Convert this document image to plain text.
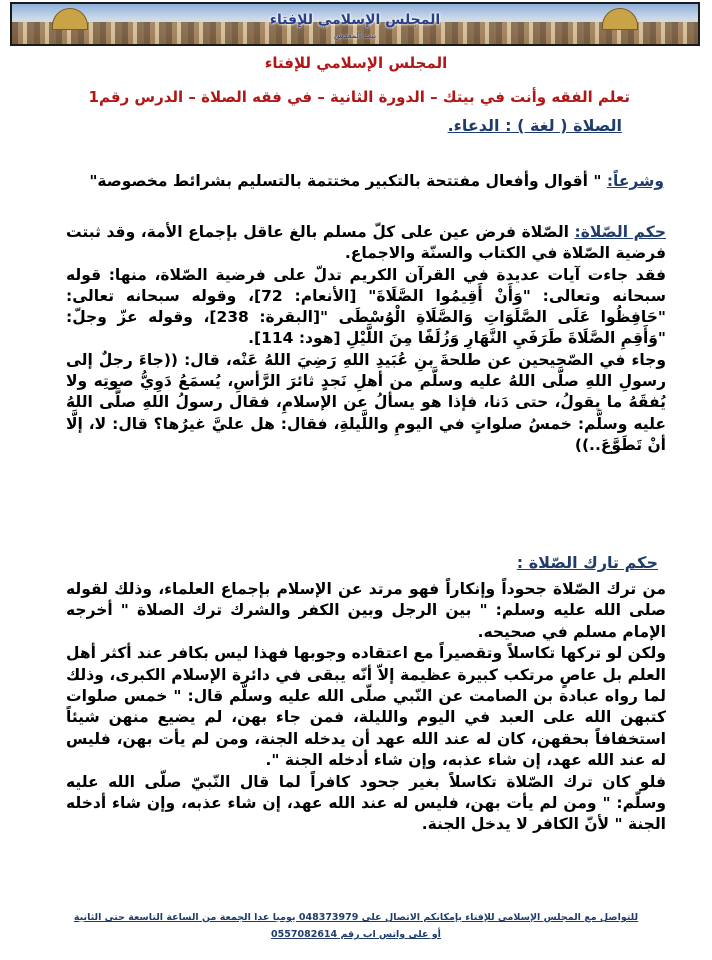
المجلس الإسلامي للإفتاء
بيت المقدس
المجلس الإسلامي للإفتاء
تعلم الفقه وأنت في بيتك – الدورة الثانية – في فقه الصلاة – الدرس رقم1
الصلاة ( لغة ) : الدعاء.
وشرعاً: " أقوال وأفعال مفتتحة بالتكبير مختتمة بالتسليم بشرائط مخصوصة"

حكم الصّلاة: الصّلاة فرض عين على كلّ مسلم بالغ عاقل بإجماع الأمة، وقد ثبتت فرضية الصّلاة في الكتاب والسنّة والاجماع.

فقد جاءت آيات عديدة في القرآن الكريم تدلّ على فرضية الصّلاة، منها: قوله سبحانه وتعالى: "وَأَنْ أَقِيمُوا الصَّلَاةَ" [الأنعام: 72]، وقوله سبحانه تعالى: "حَافِظُوا عَلَى الصَّلَوَاتِ وَالصَّلَاةِ الْوُسْطَى "[البقرة: 238]، وقوله عزّ وجلّ: "وَأَقِمِ الصَّلَاةَ طَرَفَيِ النَّهَارِ وَزُلَفًا مِنَ اللَّيْلِ [هود: 114].

وجاء في الصّحيحين عن طلحةَ بنِ عُبَيدِ اللهِ رَضِيَ اللهُ عَنْه، قال: ((جاءَ رجلٌ إلى رسولِ اللهِ صلَّى اللهُ عليه وسلَّم من أهلِ نَجدٍ ثائرَ الرَّأسِ، يُسمَعُ دَوِيُّ صوتِه ولا يُفقَهُ ما يقولُ، حتى دَنا، فإذا هو يسألُ عن الإسلامِ، فقال رسولُ اللهِ صلَّى اللهُ عليه وسلَّم: خمسُ صلواتٍ في اليومِ واللَّيلةِ، فقال: هل عليَّ غيرُها؟ قال: لا، إلَّا أنْ تَطَوَّعَ..))

حكم تارك الصّلاة :

من ترك الصّلاة جحوداً وإنكاراً فهو مرتد عن الإسلام بإجماع العلماء، وذلك لقوله صلى الله عليه وسلم: " بين الرجل وبين الكفر والشرك ترك الصلاة " أخرجه الإمام مسلم في صحيحه.

ولكن لو تركها تكاسلاً وتقصيراً مع اعتقاده وجوبها فهذا ليس بكافر عند أكثر أهل العلم بل عاصٍ مرتكب كبيرة عظيمة إلاّ أنّه يبقى في دائرة الإسلام الكبرى، وذلك لما رواه عبادة بن الصامت عن النّبي صلّى الله عليه وسلّم قال: " خمس صلوات كتبهن الله على العبد في اليوم والليلة، فمن جاء بهن، لم يضيع منهن شيئاً استخفافاً بحقهن، كان له عند الله عهد أن يدخله الجنة، ومن لم يأت بهن، فليس له عند الله عهد، إن شاء عذبه، وإن شاء أدخله الجنة ".

فلو كان ترك الصّلاة تكاسلاً بغير جحود كافراً لما قال النّبيّ صلّى الله عليه وسلّم: " ومن لم يأت بهن، فليس له عند الله عهد، إن شاء عذبه، وإن شاء أدخله الجنة " لأنّ الكافر لا يدخل الجنة.

للتواصل مع المجلس الإسلامي للإفتاء بإمكانكم الاتصال على 048373979 يوميا عدا الجمعة من الساعة التاسعة حتى الثانية
أو على واتس اب رقم 0557082614
